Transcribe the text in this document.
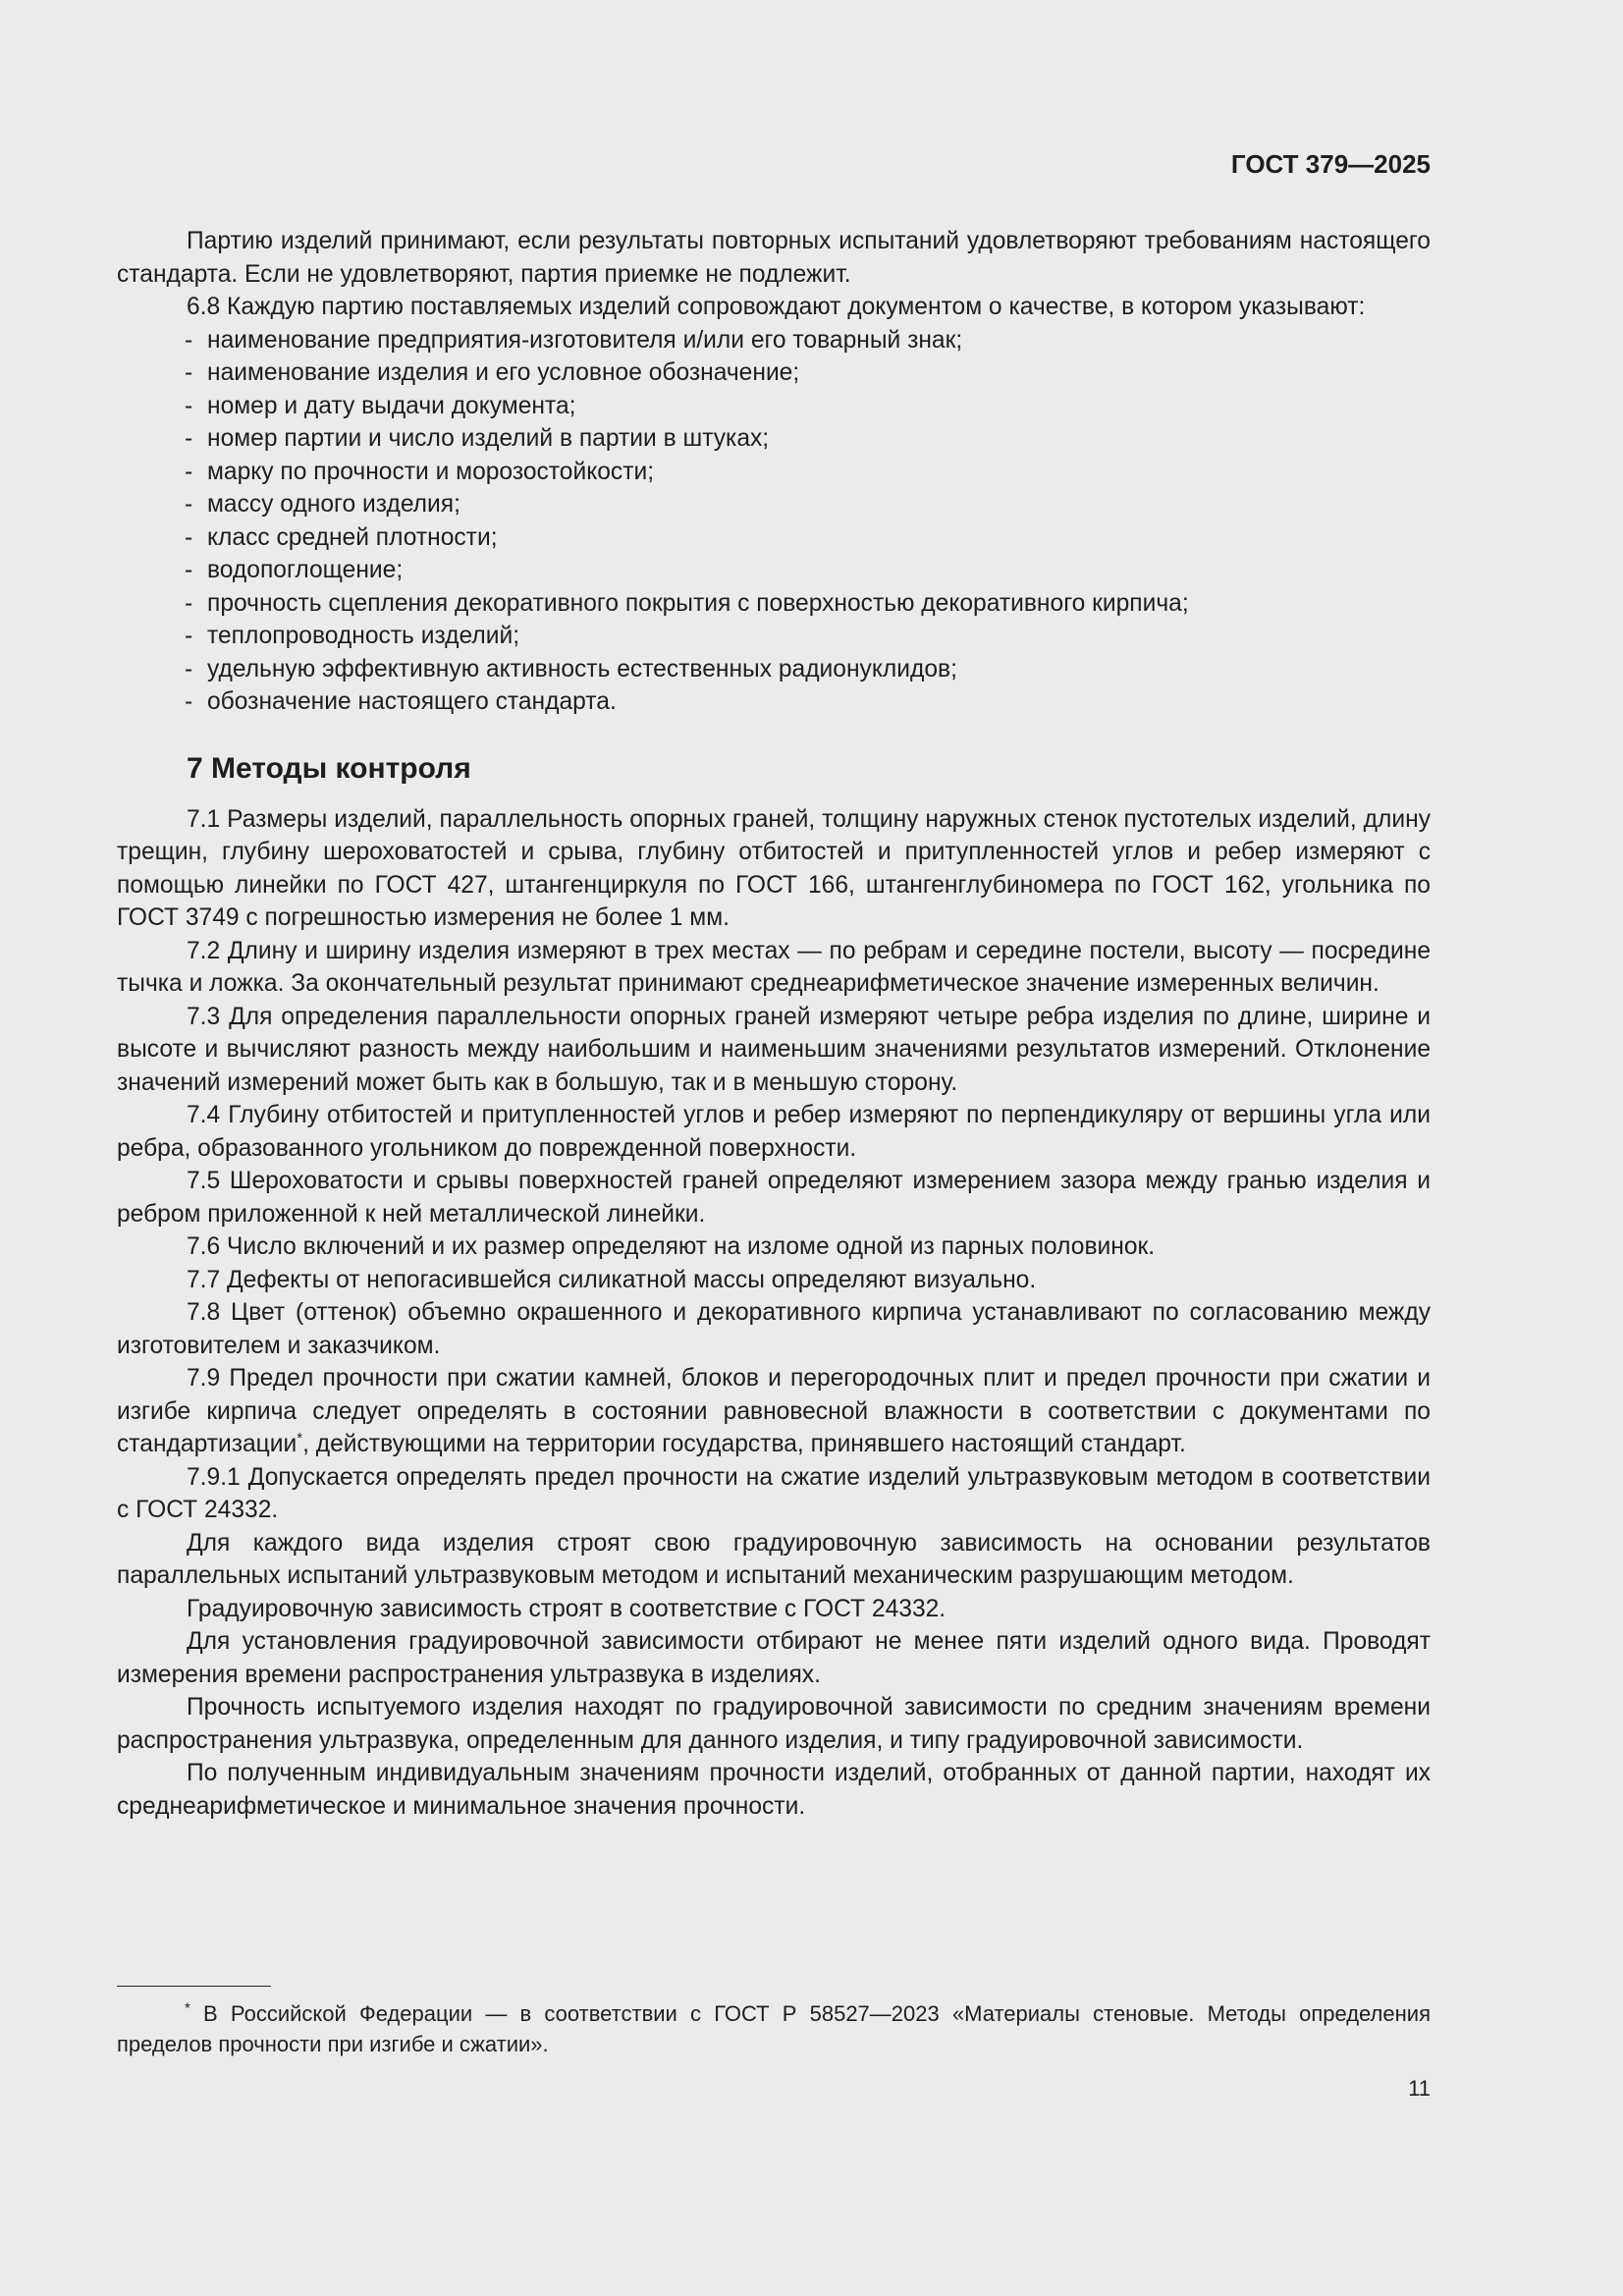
ГОСТ 379—2025

Партию изделий принимают, если результаты повторных испытаний удовлетворяют требованиям настоящего стандарта. Если не удовлетворяют, партия приемке не подлежит.

6.8 Каждую партию поставляемых изделий сопровождают документом о качестве, в котором указывают:

- наименование предприятия-изготовителя и/или его товарный знак;
- наименование изделия и его условное обозначение;
- номер и дату выдачи документа;
- номер партии и число изделий в партии в штуках;
- марку по прочности и морозостойкости;
- массу одного изделия;
- класс средней плотности;
- водопоглощение;
- прочность сцепления декоративного покрытия с поверхностью декоративного кирпича;
- теплопроводность изделий;
- удельную эффективную активность естественных радионуклидов;
- обозначение настоящего стандарта.
7 Методы контроля

7.1 Размеры изделий, параллельность опорных граней, толщину наружных стенок пустотелых изделий, длину трещин, глубину шероховатостей и срыва, глубину отбитостей и притупленностей углов и ребер измеряют с помощью линейки по ГОСТ 427, штангенциркуля по ГОСТ 166, штангенглубиномера по ГОСТ 162, угольника по ГОСТ 3749 с погрешностью измерения не более 1 мм.

7.2 Длину и ширину изделия измеряют в трех местах — по ребрам и середине постели, высоту — посредине тычка и ложка. За окончательный результат принимают среднеарифметическое значение измеренных величин.

7.3 Для определения параллельности опорных граней измеряют четыре ребра изделия по длине, ширине и высоте и вычисляют разность между наибольшим и наименьшим значениями результатов измерений. Отклонение значений измерений может быть как в большую, так и в меньшую сторону.

7.4 Глубину отбитостей и притупленностей углов и ребер измеряют по перпендикуляру от вершины угла или ребра, образованного угольником до поврежденной поверхности.

7.5 Шероховатости и срывы поверхностей граней определяют измерением зазора между гранью изделия и ребром приложенной к ней металлической линейки.

7.6 Число включений и их размер определяют на изломе одной из парных половинок.

7.7 Дефекты от непогасившейся силикатной массы определяют визуально.

7.8 Цвет (оттенок) объемно окрашенного и декоративного кирпича устанавливают по согласованию между изготовителем и заказчиком.

7.9 Предел прочности при сжатии камней, блоков и перегородочных плит и предел прочности при сжатии и изгибе кирпича следует определять в состоянии равновесной влажности в соответствии с документами по стандартизации*, действующими на территории государства, принявшего настоящий стандарт.

7.9.1 Допускается определять предел прочности на сжатие изделий ультразвуковым методом в соответствии с ГОСТ 24332.

Для каждого вида изделия строят свою градуировочную зависимость на основании результатов параллельных испытаний ультразвуковым методом и испытаний механическим разрушающим методом.

Градуировочную зависимость строят в соответствие с ГОСТ 24332.

Для установления градуировочной зависимости отбирают не менее пяти изделий одного вида. Проводят измерения времени распространения ультразвука в изделиях.

Прочность испытуемого изделия находят по градуировочной зависимости по средним значениям времени распространения ультразвука, определенным для данного изделия, и типу градуировочной зависимости.

По полученным индивидуальным значениям прочности изделий, отобранных от данной партии, находят их среднеарифметическое и минимальное значения прочности.

* В Российской Федерации — в соответствии с ГОСТ Р 58527—2023 «Материалы стеновые. Методы определения пределов прочности при изгибе и сжатии».

11
